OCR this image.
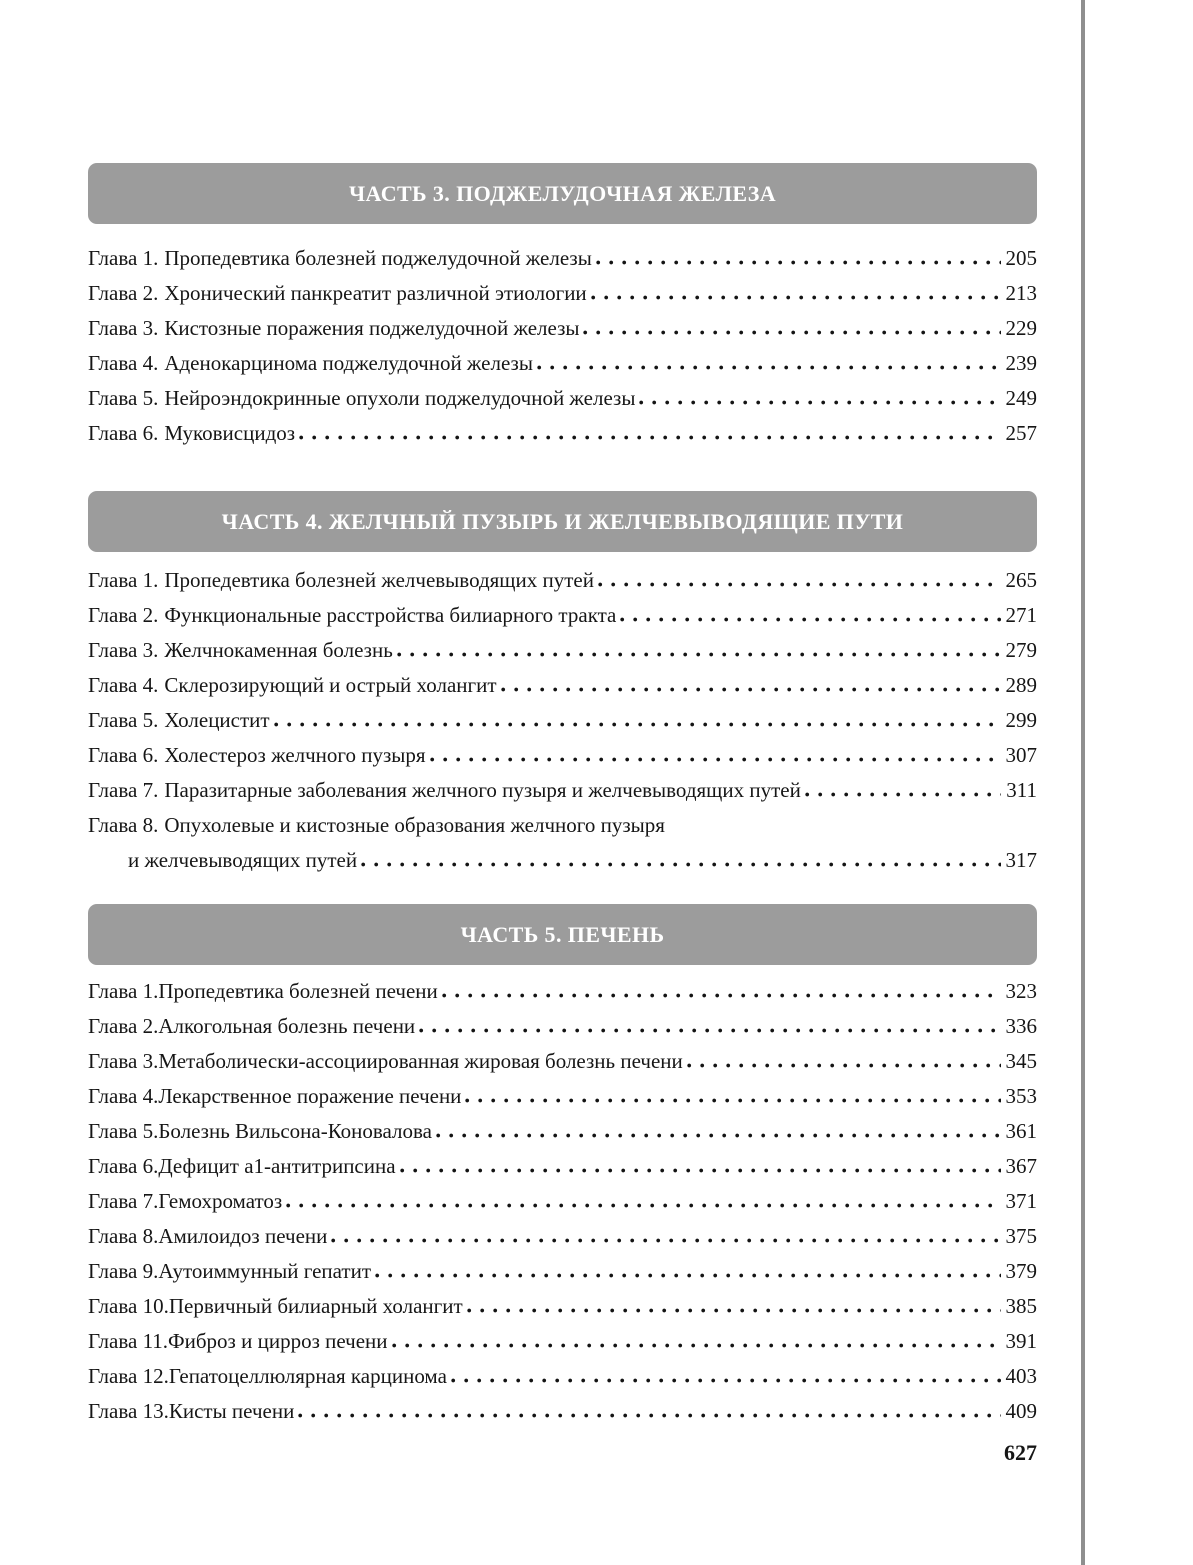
ЧАСТЬ 3. ПОДЖЕЛУДОЧНАЯ ЖЕЛЕЗА
Глава 1. Пропедевтика болезней поджелудочной железы	205
Глава 2. Хронический панкреатит различной этиологии	213
Глава 3. Кистозные поражения поджелудочной железы	229
Глава 4. Аденокарцинома поджелудочной железы	239
Глава 5. Нейроэндокринные опухоли поджелудочной железы	249
Глава 6. Муковисцидоз	257
ЧАСТЬ 4. ЖЕЛЧНЫЙ ПУЗЫРЬ И ЖЕЛЧЕВЫВОДЯЩИЕ ПУТИ
Глава 1. Пропедевтика болезней желчевыводящих путей	265
Глава 2. Функциональные расстройства билиарного тракта	271
Глава 3. Желчнокаменная болезнь	279
Глава 4. Склерозирующий и острый холангит	289
Глава 5. Холецистит	299
Глава 6. Холестероз желчного пузыря	307
Глава 7. Паразитарные заболевания желчного пузыря и желчевыводящих путей	311
Глава 8. Опухолевые и кистозные образования желчного пузыря
и желчевыводящих путей	317
ЧАСТЬ 5. ПЕЧЕНЬ
Глава 1. Пропедевтика болезней печени	323
Глава 2. Алкогольная болезнь печени	336
Глава 3. Метаболически-ассоциированная жировая болезнь печени	345
Глава 4. Лекарственное поражение печени	353
Глава 5. Болезнь Вильсона-Коновалова	361
Глава 6. Дефицит а1-антитрипсина	367
Глава 7. Гемохроматоз	371
Глава 8. Амилоидоз печени	375
Глава 9. Аутоиммунный гепатит	379
Глава 10. Первичный билиарный холангит	385
Глава 11. Фиброз и цирроз печени	391
Глава 12. Гепатоцеллюлярная карцинома	403
Глава 13. Кисты печени	409
627
